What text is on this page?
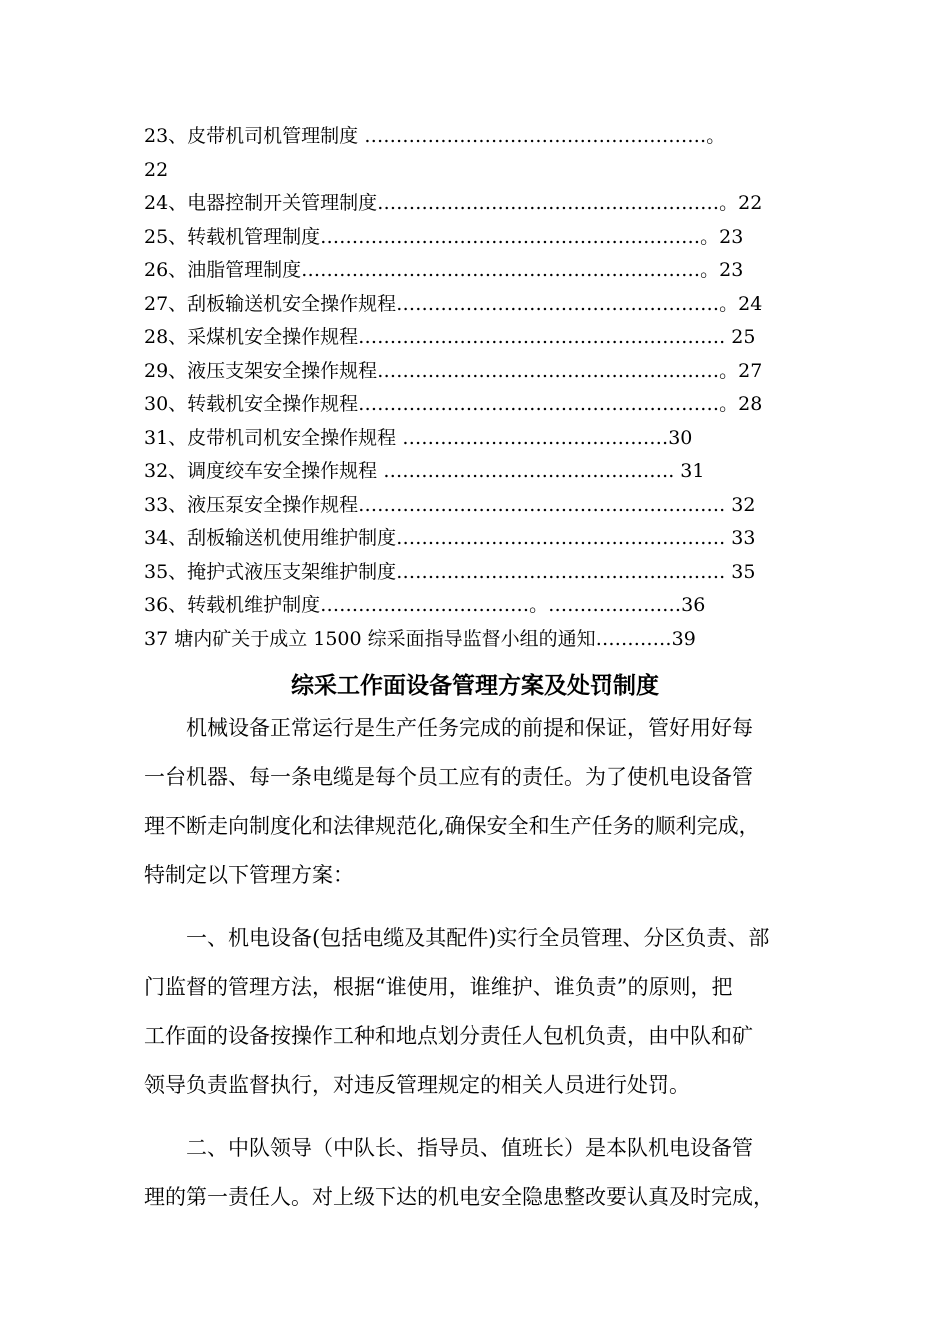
23、皮带机司机管理制度 ………………………………………………。
22
24、电器控制开关管理制度………………………………………………。22
25、转载机管理制度……………………………………………………。23
26、油脂管理制度………………………………………………………。23
27、刮板输送机安全操作规程……………………………………………。24
28、采煤机安全操作规程…………………………………………………. 25
29、液压支架安全操作规程………………………………………………。27
30、转载机安全操作规程…………………………………………………。28
31、皮带机司机安全操作规程 ……………………………………30
32、调度绞车安全操作规程 ………………………………………. 31
33、液压泵安全操作规程…………………………………………………. 32
34、刮板输送机使用维护制度……………………………………………. 33
35、掩护式液压支架维护制度……………………………………………. 35
36、转载机维护制度……………………………。…………………36
37 塘内矿关于成立 1500 综采面指导监督小组的通知…………39
综采工作面设备管理方案及处罚制度
机械设备正常运行是生产任务完成的前提和保证，管好用好每
一台机器、每一条电缆是每个员工应有的责任。为了使机电设备管
理不断走向制度化和法律规范化,确保安全和生产任务的顺利完成，
特制定以下管理方案：
一、机电设备(包括电缆及其配件)实行全员管理、分区负责、部
门监督的管理方法，根据“谁使用，谁维护、谁负责”的原则，把
工作面的设备按操作工种和地点划分责任人包机负责，由中队和矿
领导负责监督执行，对违反管理规定的相关人员进行处罚。
二、中队领导（中队长、指导员、值班长）是本队机电设备管
理的第一责任人。对上级下达的机电安全隐患整改要认真及时完成，
